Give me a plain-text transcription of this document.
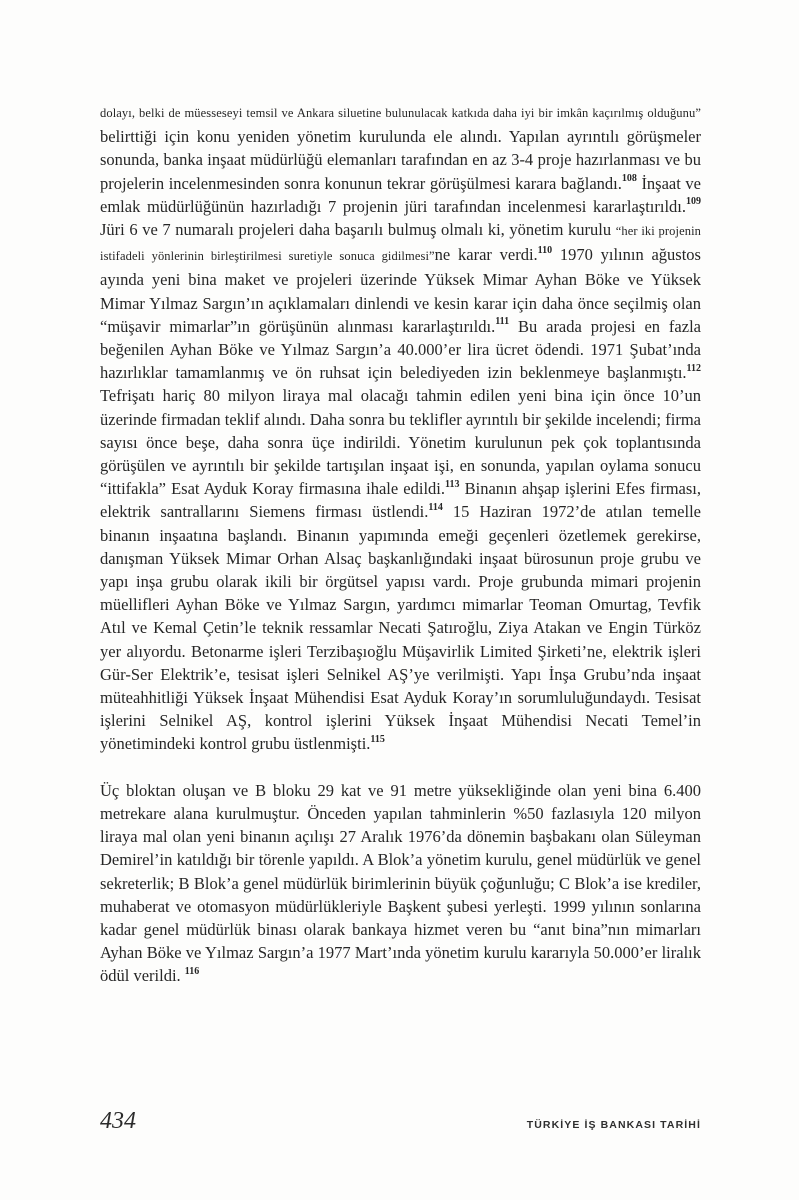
dolayı, belki de müesseseyi temsil ve Ankara siluetine bulunulacak katkıda daha iyi bir imkân kaçırılmış olduğunu” belirttiği için konu yeniden yönetim kurulunda ele alındı. Yapılan ayrıntılı görüşmeler sonunda, banka inşaat müdürlüğü elemanları tarafından en az 3-4 proje hazırlanması ve bu projelerin incelenmesinden sonra konunun tekrar görüşülmesi karara bağlandı.$^{108}$ İnşaat ve emlak müdürlüğünün hazırladığı 7 projenin jüri tarafından incelenmesi kararlaştırıldı.$^{109}$ Jüri 6 ve 7 numaralı projeleri daha başarılı bulmuş olmalı ki, yönetim kurulu “her iki projenin istifadeli yönlerinin birleştirilmesi suretiyle sonuca gidilmesi”ne karar verdi.$^{110}$ 1970 yılının ağustos ayında yeni bina maket ve projeleri üzerinde Yüksek Mimar Ayhan Böke ve Yüksek Mimar Yılmaz Sargın’ın açıklamaları dinlendi ve kesin karar için daha önce seçilmiş olan “müşavir mimarlar”ın görüşünün alınması kararlaştırıldı.$^{111}$ Bu arada projesi en fazla beğenilen Ayhan Böke ve Yılmaz Sargın’a 40.000’er lira ücret ödendi. 1971 Şubat’ında hazırlıklar tamamlanmış ve ön ruhsat için belediyeden izin beklenmeye başlanmıştı.$^{112}$ Tefrişatı hariç 80 milyon liraya mal olacağı tahmin edilen yeni bina için önce 10’un üzerinde firmadan teklif alındı. Daha sonra bu teklifler ayrıntılı bir şekilde incelendi; firma sayısı önce beşe, daha sonra üçe indirildi. Yönetim kurulunun pek çok toplantısında görüşülen ve ayrıntılı bir şekilde tartışılan inşaat işi, en sonunda, yapılan oylama sonucu “ittifakla” Esat Ayduk Koray firmasına ihale edildi.$^{113}$ Binanın ahşap işlerini Efes firması, elektrik santrallarını Siemens firması üstlendi.$^{114}$ 15 Haziran 1972’de atılan temelle binanın inşaatına başlandı. Binanın yapımında emeği geçenleri özetlemek gerekirse, danışman Yüksek Mimar Orhan Alsaç başkanlığındaki inşaat bürosunun proje grubu ve yapı inşa grubu olarak ikili bir örgütsel yapısı vardı. Proje grubunda mimari projenin müellifleri Ayhan Böke ve Yılmaz Sargın, yardımcı mimarlar Teoman Omurtag, Tevfik Atıl ve Kemal Çetin’le teknik ressamlar Necati Şatıroğlu, Ziya Atakan ve Engin Türköz yer alıyordu. Betonarme işleri Terzibaşıoğlu Müşavirlik Limited Şirketi’ne, elektrik işleri Gür-Ser Elektrik’e, tesisat işleri Selnikel AŞ’ye verilmişti. Yapı İnşa Grubu’nda inşaat müteahhitliği Yüksek İnşaat Mühendisi Esat Ayduk Koray’ın sorumluluğundaydı. Tesisat işlerini Selnikel AŞ, kontrol işlerini Yüksek İnşaat Mühendisi Necati Temel’in yönetimindeki kontrol grubu üstlenmişti.$^{115}$

Üç bloktan oluşan ve B bloku 29 kat ve 91 metre yüksekliğinde olan yeni bina 6.400 metrekare alana kurulmuştur. Önceden yapılan tahminlerin %50 fazlasıyla 120 milyon liraya mal olan yeni binanın açılışı 27 Aralık 1976’da dönemin başbakanı olan Süleyman Demirel’in katıldığı bir törenle yapıldı. A Blok’a yönetim kurulu, genel müdürlük ve genel sekreterlik; B Blok’a genel müdürlük birimlerinin büyük çoğunluğu; C Blok’a ise krediler, muhaberat ve otomasyon müdürlükleriyle Başkent şubesi yerleşti. 1999 yılının sonlarına kadar genel müdürlük binası olarak bankaya hizmet veren bu “anıt bina”nın mimarları Ayhan Böke ve Yılmaz Sargın’a 1977 Mart’ında yönetim kurulu kararıyla 50.000’er liralık ödül verildi. $^{116}$

434	TÜRKİYE İŞ BANKASI TARİHİ
